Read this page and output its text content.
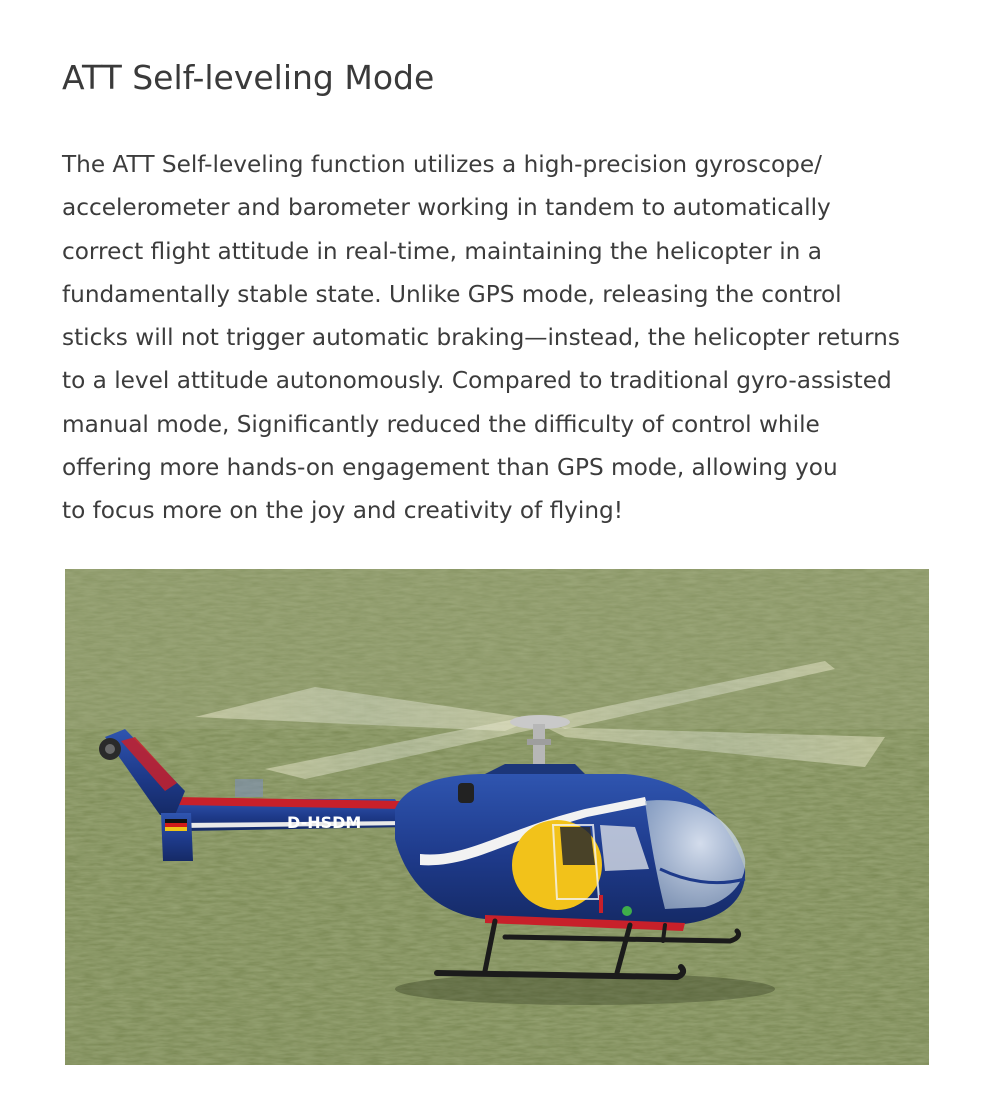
ATT Self-leveling Mode
The ATT Self-leveling function utilizes a high-precision gyroscope/
accelerometer and barometer working in tandem to automatically
correct flight attitude in real-time, maintaining the helicopter in a
fundamentally stable state. Unlike GPS mode, releasing the control
sticks will not trigger automatic braking—instead, the helicopter returns
to a level attitude autonomously. Compared to traditional gyro-assisted
manual mode, Significantly reduced the difficulty of control while
offering more hands-on engagement than GPS mode, allowing you
to focus more on the joy and creativity of flying!
D-HSDM
